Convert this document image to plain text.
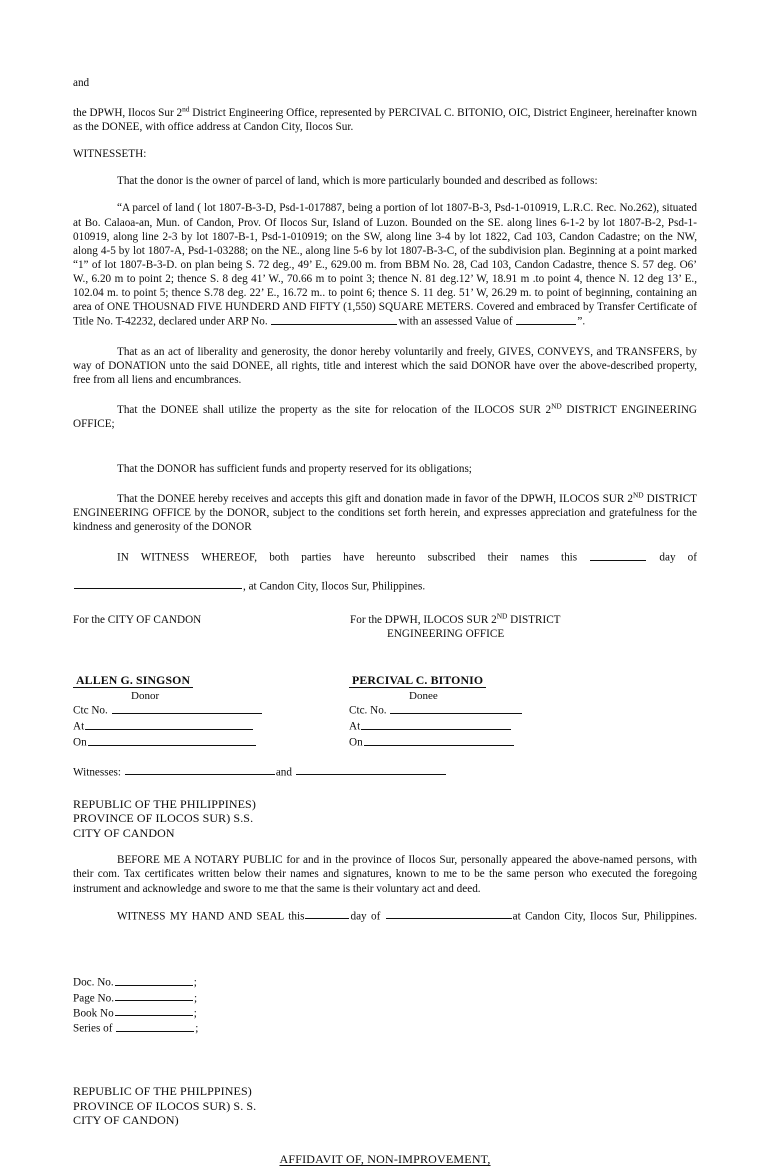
and

the DPWH, Ilocos Sur 2nd District Engineering Office, represented by PERCIVAL C. BITONIO, OIC, District Engineer, hereinafter known as the DONEE, with office address at Candon City, Ilocos Sur.

WITNESSETH:

That the donor is the owner of parcel of land, which is more particularly bounded and described as follows:

“A parcel of land ( lot 1807-B-3-D, Psd-1-017887, being a portion of lot 1807-B-3, Psd-1-010919, L.R.C. Rec. No.262), situated at Bo. Calaoa-an, Mun. of Candon, Prov. Of Ilocos Sur, Island of Luzon. Bounded on the SE. along lines 6-1-2 by lot 1807-B-2, Psd-1-010919, along line 2-3 by lot 1807-B-1, Psd-1-010919; on the SW, along line 3-4 by lot 1822, Cad 103, Candon Cadastre; on the NW, along 4-5 by lot 1807-A, Psd-1-03288; on the NE., along line 5-6 by lot 1807-B-3-C, of the subdivision plan. Beginning at a point marked “1” of lot 1807-B-3-D. on plan being S. 72 deg., 49’ E., 629.00 m. from BBM No. 28, Cad 103, Candon Cadastre, thence S. 57 deg. O6’ W., 6.20 m to point 2; thence S. 8 deg 41’ W., 70.66 m to point 3; thence N. 81 deg.12’ W, 18.91 m .to point 4, thence N. 12 deg 13’ E., 102.04 m. to point 5; thence S.78 deg. 22’ E., 16.72 m.. to point 6; thence S. 11 deg. 51’ W, 26.29 m. to point of beginning, containing an area of ONE THOUSNAD FIVE HUNDERD AND FIFTY (1,550) SQUARE METERS. Covered and embraced by Transfer Certificate of Title No. T-42232, declared under ARP No.	with an assessed Value of	”.

That as an act of liberality and generosity, the donor hereby voluntarily and freely, GIVES, CONVEYS, and TRANSFERS, by way of DONATION unto the said DONEE, all rights, title and interest which the said DONOR have over the above-described property, free from all liens and encumbrances.

That the DONEE shall utilize the property as the site for relocation of the ILOCOS SUR 2ND DISTRICT ENGINEERING OFFICE;

That the DONOR has sufficient funds and property reserved for its obligations;

That the DONEE hereby receives and accepts this gift and donation made in favor of the DPWH, ILOCOS SUR 2ND DISTRICT ENGINEERING OFFICE by the DONOR, subject to the conditions set forth herein, and expresses appreciation and gratefulness for the kindness and generosity of the DONOR

IN WITNESS WHEREOF, both parties have hereunto subscribed their names this	day of

, at Candon City, Ilocos Sur, Philippines.

For the CITY OF CANDON	For the DPWH, ILOCOS SUR 2ND DISTRICT
ENGINEERING OFFICE
ALLEN G. SINGSON
Donor
Ctc No.
At
On
PERCIVAL C. BITONIO
Donee
Ctc. No.
At
On
Witnesses:	and
REPUBLIC OF THE PHILIPPINES)
PROVINCE OF ILOCOS SUR) S.S.
CITY OF CANDON

BEFORE ME A NOTARY PUBLIC for and in the province of Ilocos Sur, personally appeared the above-named persons, with their com. Tax certificates written below their names and signatures, known to me to be the same person who executed the foregoing instrument and acknowledge and swore to me that the same is their voluntary act and deed.

WITNESS MY HAND AND SEAL this	day of	at Candon City, Ilocos Sur, Philippines.

Doc. No.	;
Page No.	;
Book No	;
Series of	;
REPUBLIC OF THE PHILPPINES)
PROVINCE OF ILOCOS SUR) S. S.
CITY OF CANDON)
AFFIDAVIT OF, NON-IMPROVEMENT,
